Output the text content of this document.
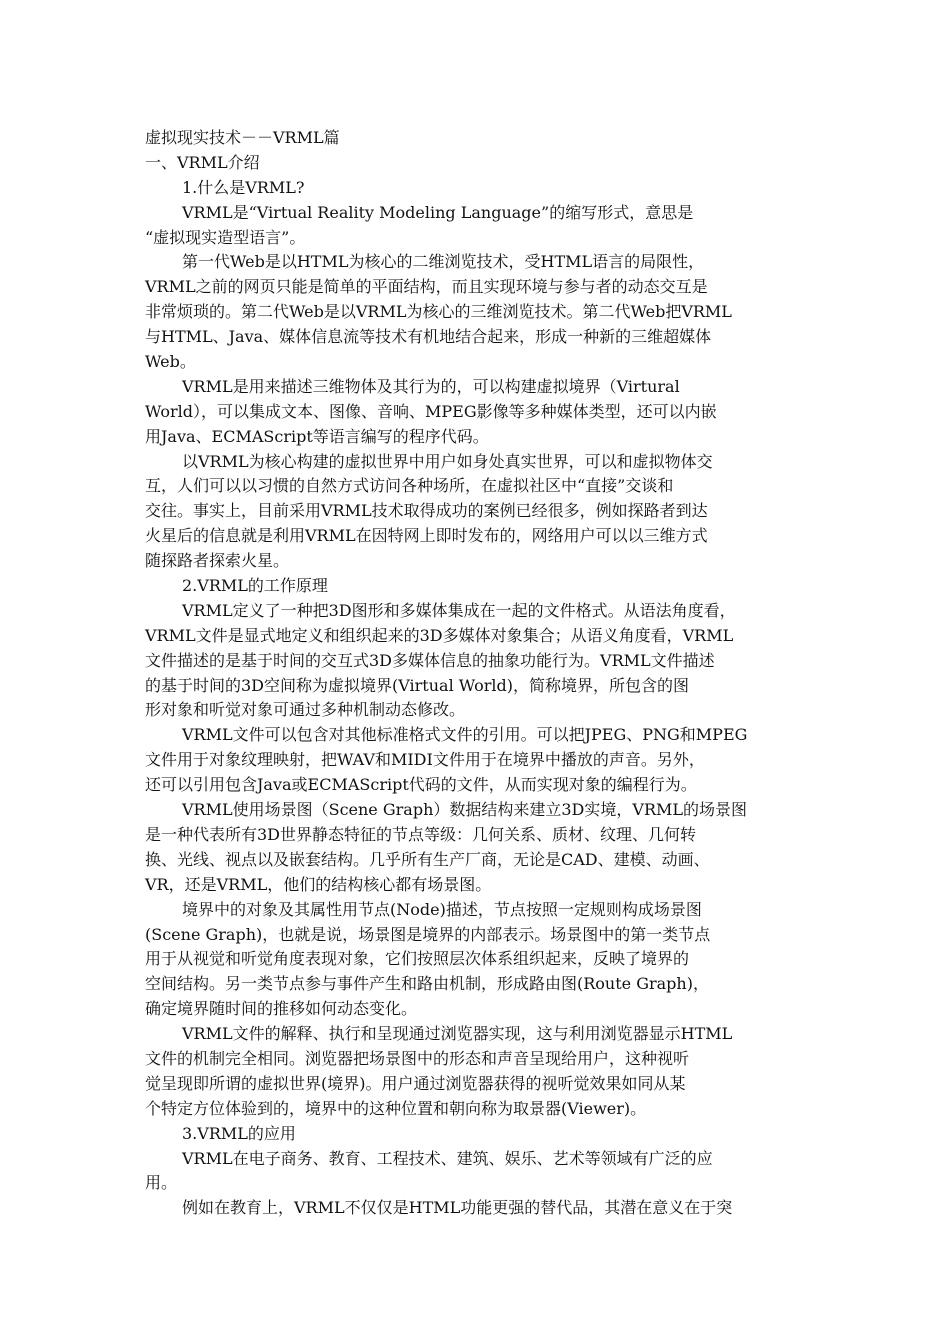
虚拟现实技术－－VRML篇
一、VRML介绍
1.什么是VRML?
VRML是“Virtual Reality Modeling Language”的缩写形式，意思是
“虚拟现实造型语言”。
第一代Web是以HTML为核心的二维浏览技术，受HTML语言的局限性，
VRML之前的网页只能是简单的平面结构，而且实现环境与参与者的动态交互是
非常烦琐的。第二代Web是以VRML为核心的三维浏览技术。第二代Web把VRML
与HTML、Java、媒体信息流等技术有机地结合起来，形成一种新的三维超媒体
Web。
VRML是用来描述三维物体及其行为的，可以构建虚拟境界（Virtural
World），可以集成文本、图像、音响、MPEG影像等多种媒体类型，还可以内嵌
用Java、ECMAScript等语言编写的程序代码。
以VRML为核心构建的虚拟世界中用户如身处真实世界，可以和虚拟物体交
互，人们可以以习惯的自然方式访问各种场所，在虚拟社区中“直接”交谈和
交往。事实上，目前采用VRML技术取得成功的案例已经很多，例如探路者到达
火星后的信息就是利用VRML在因特网上即时发布的，网络用户可以以三维方式
随探路者探索火星。
2.VRML的工作原理
VRML定义了一种把3D图形和多媒体集成在一起的文件格式。从语法角度看，
VRML文件是显式地定义和组织起来的3D多媒体对象集合；从语义角度看，VRML
文件描述的是基于时间的交互式3D多媒体信息的抽象功能行为。VRML文件描述
的基于时间的3D空间称为虚拟境界(Virtual World)，简称境界，所包含的图
形对象和听觉对象可通过多种机制动态修改。
VRML文件可以包含对其他标准格式文件的引用。可以把JPEG、PNG和MPEG
文件用于对象纹理映射，把WAV和MIDI文件用于在境界中播放的声音。另外，
还可以引用包含Java或ECMAScript代码的文件，从而实现对象的编程行为。
VRML使用场景图（Scene Graph）数据结构来建立3D实境，VRML的场景图
是一种代表所有3D世界静态特征的节点等级：几何关系、质材、纹理、几何转
换、光线、视点以及嵌套结构。几乎所有生产厂商，无论是CAD、建模、动画、
VR，还是VRML，他们的结构核心都有场景图。
境界中的对象及其属性用节点(Node)描述，节点按照一定规则构成场景图
(Scene Graph)，也就是说，场景图是境界的内部表示。场景图中的第一类节点
用于从视觉和听觉角度表现对象，它们按照层次体系组织起来，反映了境界的
空间结构。另一类节点参与事件产生和路由机制，形成路由图(Route Graph)，
确定境界随时间的推移如何动态变化。
VRML文件的解释、执行和呈现通过浏览器实现，这与利用浏览器显示HTML
文件的机制完全相同。浏览器把场景图中的形态和声音呈现给用户，这种视听
觉呈现即所谓的虚拟世界(境界)。用户通过浏览器获得的视听觉效果如同从某
个特定方位体验到的，境界中的这种位置和朝向称为取景器(Viewer)。
3.VRML的应用
VRML在电子商务、教育、工程技术、建筑、娱乐、艺术等领域有广泛的应
用。
例如在教育上，VRML不仅仅是HTML功能更强的替代品，其潜在意义在于突
